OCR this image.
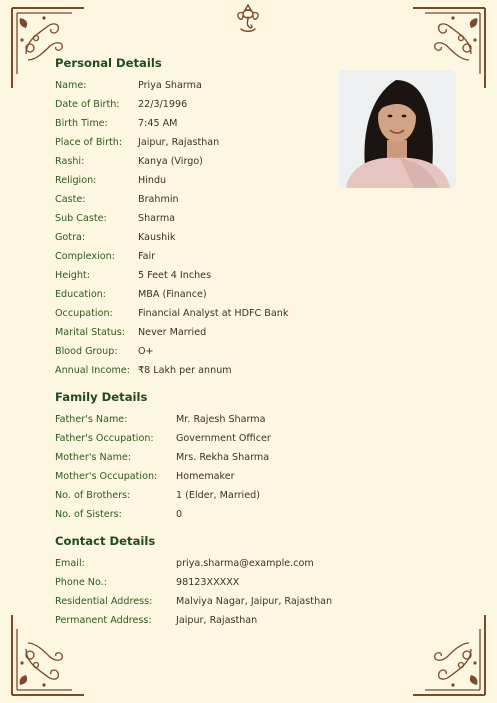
Personal Details
Name:	Priya Sharma
Date of Birth: 22/3/1996
Birth Time:	7:45 AM
Place of Birth: Jaipur, Rajasthan
Rashi:	Kanya (Virgo)
Religion:	Hindu
Caste:	Brahmin
Sub Caste:	Sharma
Gotra:	Kaushik
Complexion: Fair
Height:	5 Feet 4 Inches
Education:	MBA (Finance)
Occupation:	Financial Analyst at HDFC Bank
Marital Status: Never Married
Blood Group: O+
Annual Income: ₹8 Lakh per annum
Family Details
Father's Name:	Mr. Rajesh Sharma
Father's Occupation: Government Officer
Mother's Name:	Mrs. Rekha Sharma
Mother's Occupation: Homemaker
No. of Brothers:	1 (Elder, Married)
No. of Sisters:	0
Contact Details
Email:	priya.sharma@example.com
Phone No.:	98123XXXXX
Residential Address: Malviya Nagar, Jaipur, Rajasthan
Permanent Address:	Jaipur, Rajasthan
